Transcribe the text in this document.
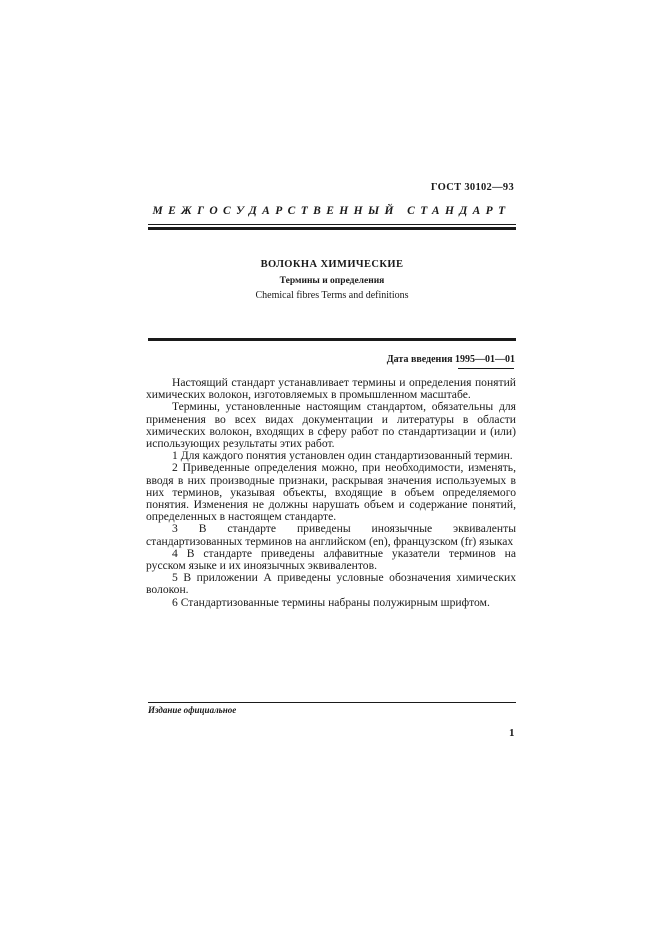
ГОСТ 30102—93
МЕЖГОСУДАРСТВЕННЫЙ СТАНДАРТ
ВОЛОКНА ХИМИЧЕСКИЕ
Термины и определения
Chemical fibres Terms and definitions
Дата введения 1995—01—01

Настоящий стандарт устанавливает термины и определения понятий химических волокон, изготовляемых в промышленном масштабе.

Термины, установленные настоящим стандартом, обязательны для применения во всех видах документации и литературы в области химических волокон, входящих в сферу работ по стандартизации и (или) использующих результаты этих работ.

1 Для каждого понятия установлен один стандартизованный термин.

2 Приведенные определения можно, при необходимости, изменять, вводя в них производные признаки, раскрывая значения используемых в них терминов, указывая объекты, входящие в объем определяемого понятия. Изменения не должны нарушать объем и содержание понятий, определенных в настоящем стандарте.

3 В стандарте приведены иноязычные эквиваленты стандартизованных терминов на английском (en), французском (fr) языках

4 В стандарте приведены алфавитные указатели терминов на русском языке и их иноязычных эквивалентов.

5 В приложении А приведены условные обозначения химических волокон.

6 Стандартизованные термины набраны полужирным шрифтом.

Издание официальное
1
